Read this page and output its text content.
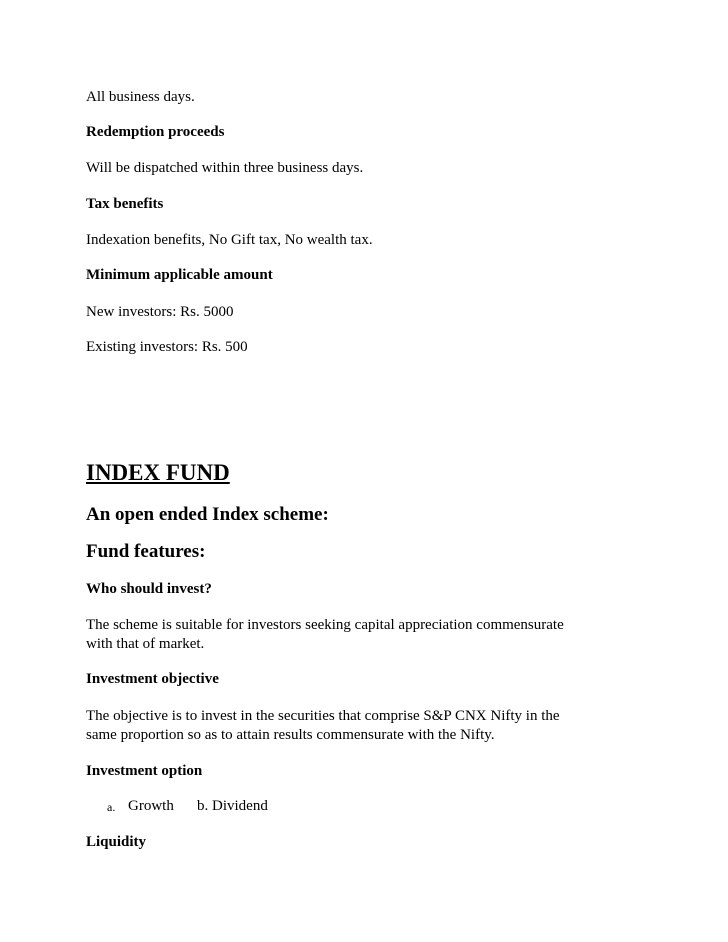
All business days.
Redemption proceeds
Will be dispatched within three business days.
Tax benefits
Indexation benefits, No Gift tax, No wealth tax.
Minimum applicable amount
New investors: Rs. 5000
Existing investors: Rs. 500
INDEX FUND
An open ended Index scheme:
Fund features:
Who should invest?
The scheme is suitable for investors seeking capital appreciation commensurate
with that of market.
Investment objective
The objective is to invest in the securities that comprise S&P CNX Nifty in the
same proportion so as to attain results commensurate with the Nifty.
Investment option
a. Growth b. Dividend
Liquidity
